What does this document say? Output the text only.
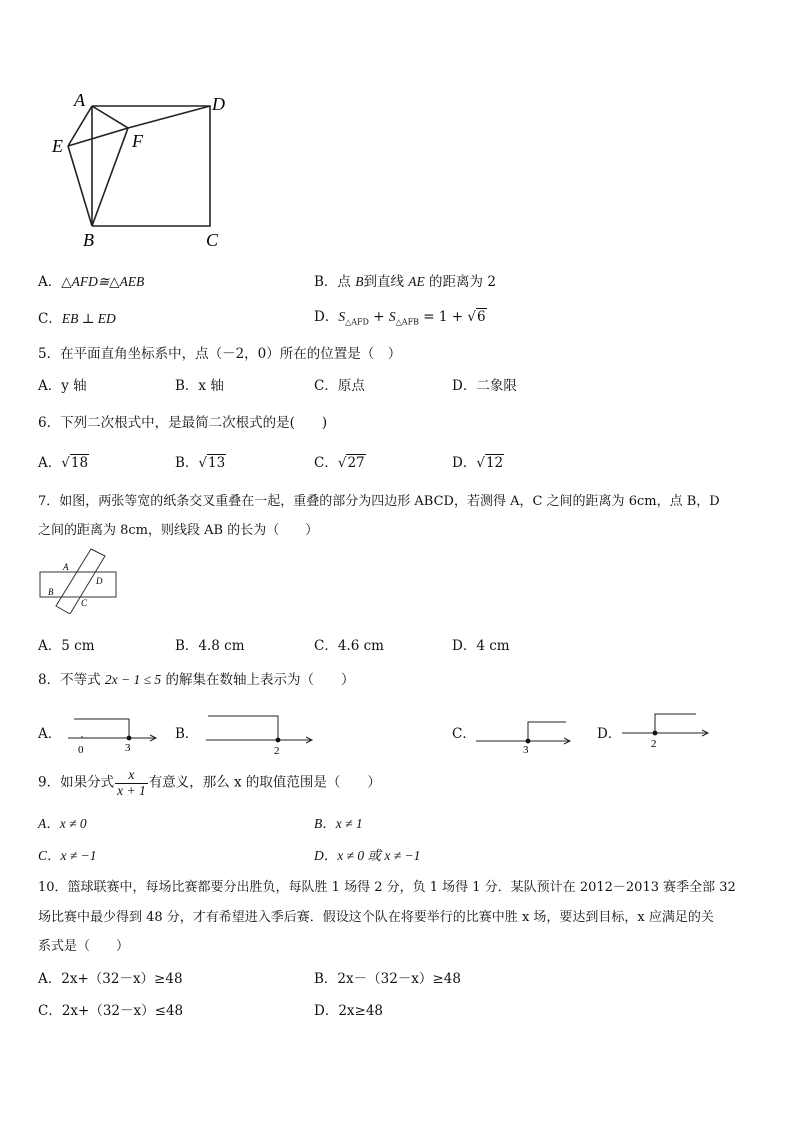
A	D
E	F
B	C
A．△AFD≅△AEB	B．点 B到直线 AE 的距离为 2
C．EB ⊥ ED	D．$S_{\triangle AFD} + S_{\triangle AFB} = 1 + √6$
5．在平面直角坐标系中，点（－2，0）所在的位置是（　）
A．y 轴	B．x 轴	C．原点	D．二象限
6．下列二次根式中，是最简二次根式的是(　　)
A．√18	B．√13	C．√27	D．√12
7．如图，两张等宽的纸条交叉重叠在一起，重叠的部分为四边形 ABCD，若测得 A，C 之间的距离为 6cm，点 B，D
之间的距离为 8cm，则线段 AB 的长为（　　）
A
B
C
D
A．5 cm	B．4.8 cm	C．4.6 cm	D．4 cm
8．不等式 2x − 1 ≤ 5 的解集在数轴上表示为（　　）
A．
0	3
B．
2
C．
3
D．
2
9．如果分式 $\frac{x}{x + 1}$ 有意义，那么 x 的取值范围是（　　）
A．x ≠ 0	B．x ≠ 1
C．x ≠ −1	D．x ≠ 0 或 x ≠ −1
10．篮球联赛中，每场比赛都要分出胜负，每队胜 1 场得 2 分，负 1 场得 1 分．某队预计在 2012－2013 赛季全部 32
场比赛中最少得到 48 分，才有希望进入季后赛．假设这个队在将要举行的比赛中胜 x 场，要达到目标，x 应满足的关
系式是（　　）
A．2x+（32－x）≥48	B．2x－（32－x）≥48
C．2x+（32－x）≤48	D．2x≥48
